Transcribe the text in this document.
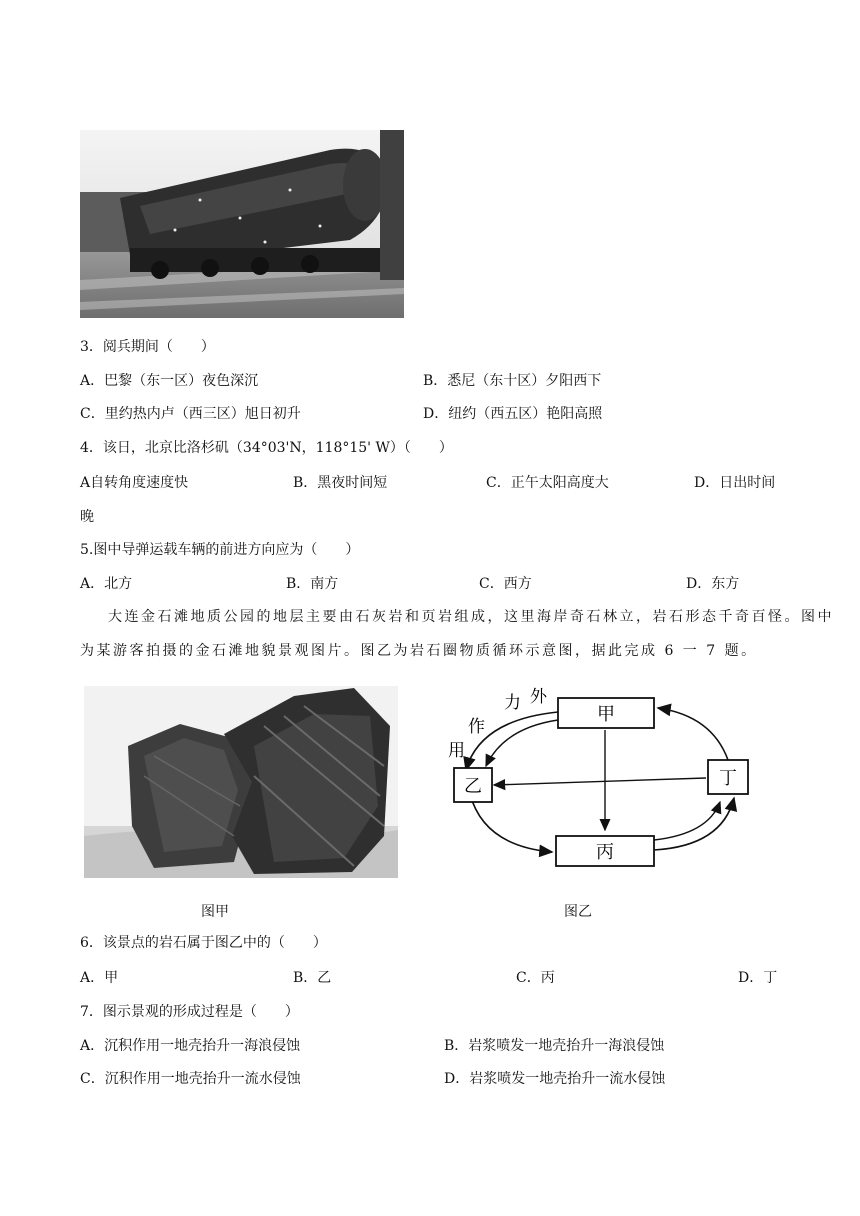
3．阅兵期间（　　）
A．巴黎（东一区）夜色深沉	B．悉尼（东十区）夕阳西下
C．里约热内卢（西三区）旭日初升	D．纽约（西五区）艳阳高照
4．该日，北京比洛杉矶（34°03'N，118°15' W）（　　）
A自转角度速度快	B．黑夜时间短	C．正午太阳高度大	D．日出时间
晚
5.图中导弹运载车辆的前进方向应为（　　）
A．北方	B．南方	C．西方	D．东方
大连金石滩地质公园的地层主要由石灰岩和页岩组成，这里海岸奇石林立，岩石形态千奇百怪。图中
为某游客拍摄的金石滩地貌景观图片。图乙为岩石圈物质循环示意图，据此完成 6 一 7 题。
甲
乙	丁
丙
用
作
力 外
图甲	图乙
6．该景点的岩石属于图乙中的（　　）
A．甲	B．乙	C．丙	D．丁
7．图示景观的形成过程是（　　）
A．沉积作用一地壳抬升一海浪侵蚀	B．岩浆喷发一地壳抬升一海浪侵蚀
C．沉积作用一地壳抬升一流水侵蚀	D．岩浆喷发一地壳抬升一流水侵蚀
